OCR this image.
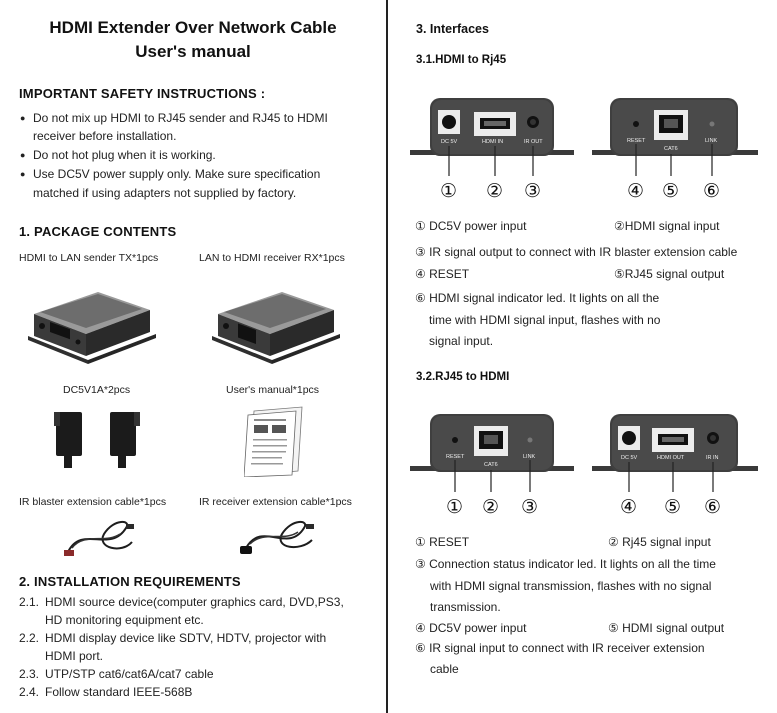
HDMI Extender Over Network Cable
User's manual
IMPORTANT SAFETY INSTRUCTIONS :
● Do not mix up HDMI to RJ45 sender and RJ45 to HDMI
receiver before installation.
● Do not hot plug when it is working.
● Use DC5V power supply only. Make sure specification
matched if using adapters not supplied by factory.
1. PACKAGE CONTENTS
HDMI to LAN sender TX*1pcs	LAN to HDMI receiver RX*1pcs
DC5V1A*2pcs	User's manual*1pcs
IR blaster extension cable*1pcs	IR receiver extension cable*1pcs
2. INSTALLATION REQUIREMENTS
2.1. HDMI source device(computer graphics card, DVD,PS3,
HD monitoring equipment etc.
2.2. HDMI display device like SDTV, HDTV, projector with
HDMI port.
2.3. UTP/STP cat6/cat6A/cat7 cable
2.4. Follow standard IEEE-568B
3. Interfaces
3.1.HDMI to Rj45
DC 5V	HDMI IN	IR OUT	RESET
CAT6
LINK
① ② ③	④ ⑤ ⑥
① DC5V power input	②HDMI signal input
③ IR signal output to connect with IR blaster extension cable
④ RESET	⑤RJ45 signal output
⑥ HDMI signal indicator led. It lights on all the
time with HDMI signal input, flashes with no
signal input.
3.2.RJ45 to HDMI
RESET
CAT6
LINK	DC 5V	HDMI OUT	IR IN
① ② ③	④ ⑤ ⑥
① RESET	② Rj45 signal input
③ Connection status indicator led. It lights on all the time
with HDMI signal transmission, flashes with no signal
transmission.
④ DC5V power input	⑤ HDMI signal output
⑥ IR signal input to connect with IR receiver extension
cable
